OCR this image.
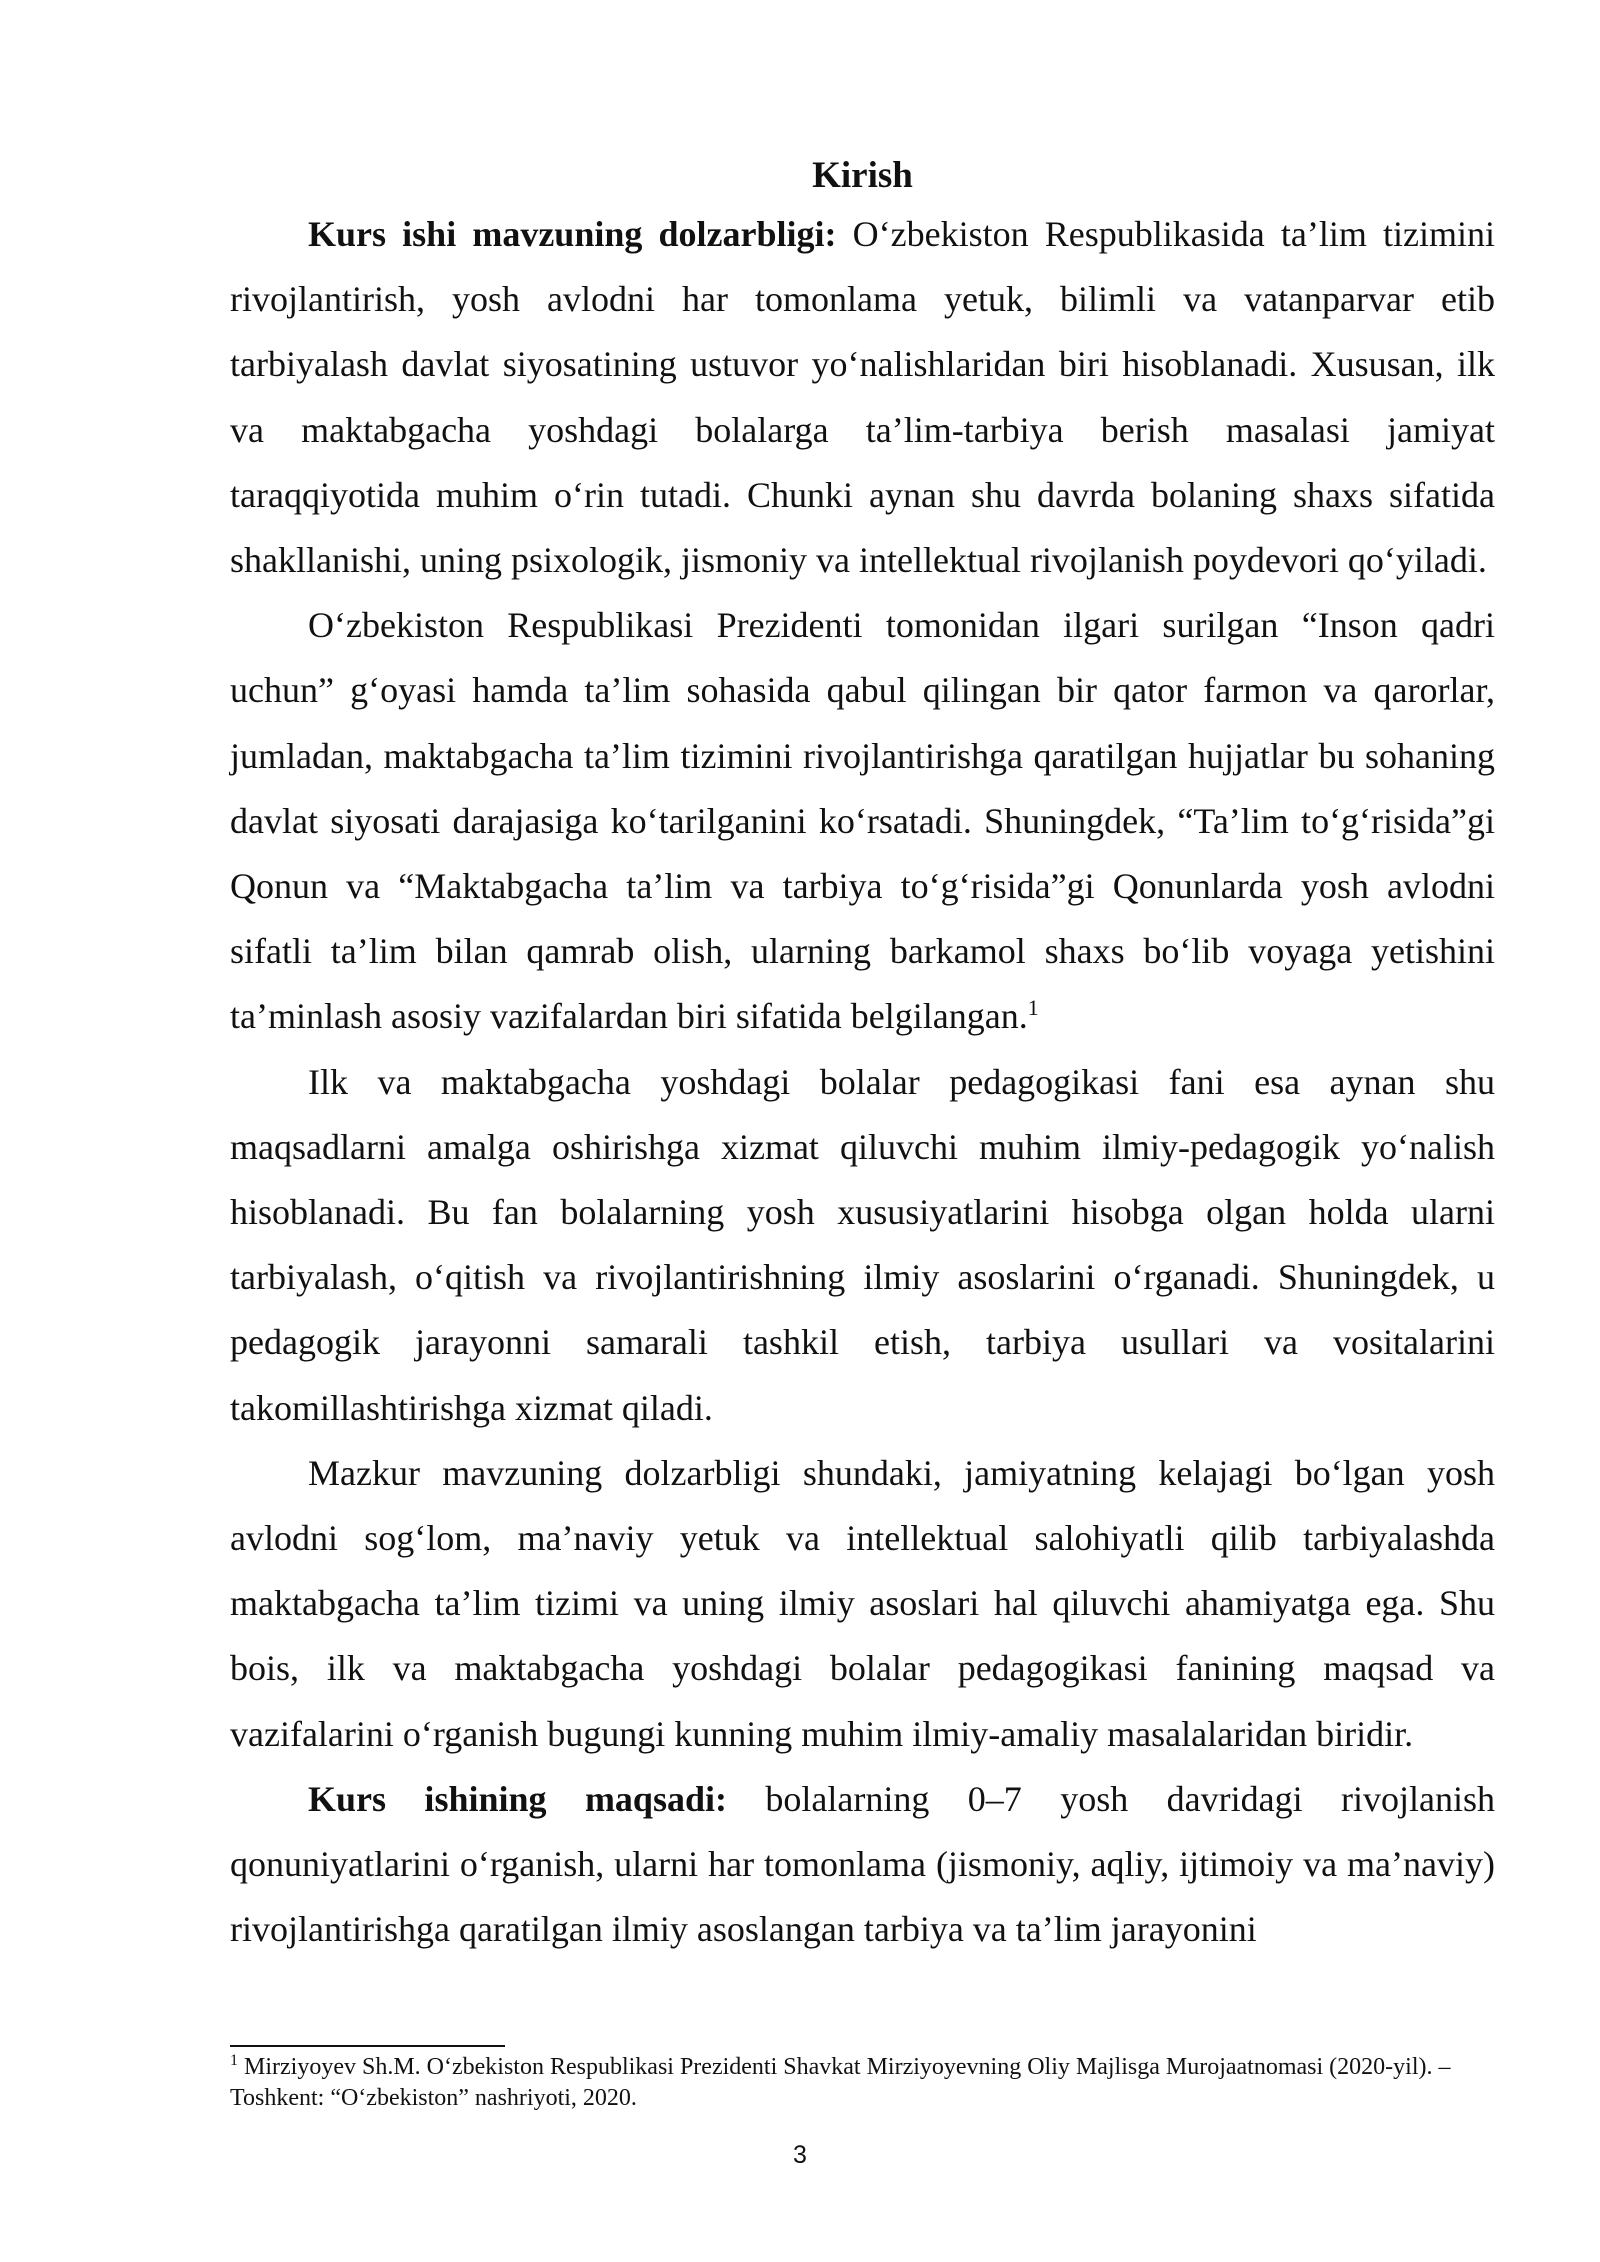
Kirish

Kurs ishi mavzuning dolzarbligi: O‘zbekiston Respublikasida ta’lim tizimini rivojlantirish, yosh avlodni har tomonlama yetuk, bilimli va vatanparvar etib tarbiyalash davlat siyosatining ustuvor yo‘nalishlaridan biri hisoblanadi. Xususan, ilk va maktabgacha yoshdagi bolalarga ta’lim-tarbiya berish masalasi jamiyat taraqqiyotida muhim o‘rin tutadi. Chunki aynan shu davrda bolaning shaxs sifatida shakllanishi, uning psixologik, jismoniy va intellektual rivojlanish poydevori qo‘yiladi.

O‘zbekiston Respublikasi Prezidenti tomonidan ilgari surilgan “Inson qadri uchun” g‘oyasi hamda ta’lim sohasida qabul qilingan bir qator farmon va qarorlar, jumladan, maktabgacha ta’lim tizimini rivojlantirishga qaratilgan hujjatlar bu sohaning davlat siyosati darajasiga ko‘tarilganini ko‘rsatadi. Shuningdek, “Ta’lim to‘g‘risida”gi Qonun va “Maktabgacha ta’lim va tarbiya to‘g‘risida”gi Qonunlarda yosh avlodni sifatli ta’lim bilan qamrab olish, ularning barkamol shaxs bo‘lib voyaga yetishini ta’minlash asosiy vazifalardan biri sifatida belgilangan.$^1$

Ilk va maktabgacha yoshdagi bolalar pedagogikasi fani esa aynan shu maqsadlarni amalga oshirishga xizmat qiluvchi muhim ilmiy-pedagogik yo‘nalish hisoblanadi. Bu fan bolalarning yosh xususiyatlarini hisobga olgan holda ularni tarbiyalash, o‘qitish va rivojlantirishning ilmiy asoslarini o‘rganadi. Shuningdek, u pedagogik jarayonni samarali tashkil etish, tarbiya usullari va vositalarini takomillashtirishga xizmat qiladi.

Mazkur mavzuning dolzarbligi shundaki, jamiyatning kelajagi bo‘lgan yosh avlodni sog‘lom, ma’naviy yetuk va intellektual salohiyatli qilib tarbiyalashda maktabgacha ta’lim tizimi va uning ilmiy asoslari hal qiluvchi ahamiyatga ega. Shu bois, ilk va maktabgacha yoshdagi bolalar pedagogikasi fanining maqsad va vazifalarini o‘rganish bugungi kunning muhim ilmiy-amaliy masalalaridan biridir.

Kurs ishining maqsadi: bolalarning 0–7 yosh davridagi rivojlanish qonuniyatlarini o‘rganish, ularni har tomonlama (jismoniy, aqliy, ijtimoiy va ma’naviy) rivojlantirishga qaratilgan ilmiy asoslangan tarbiya va ta’lim jarayonini

$^1$ Mirziyoyev Sh.M. O‘zbekiston Respublikasi Prezidenti Shavkat Mirziyoyevning Oliy Majlisga Murojaatnomasi (2020-yil). – Toshkent: “O‘zbekiston” nashriyoti, 2020.

3
